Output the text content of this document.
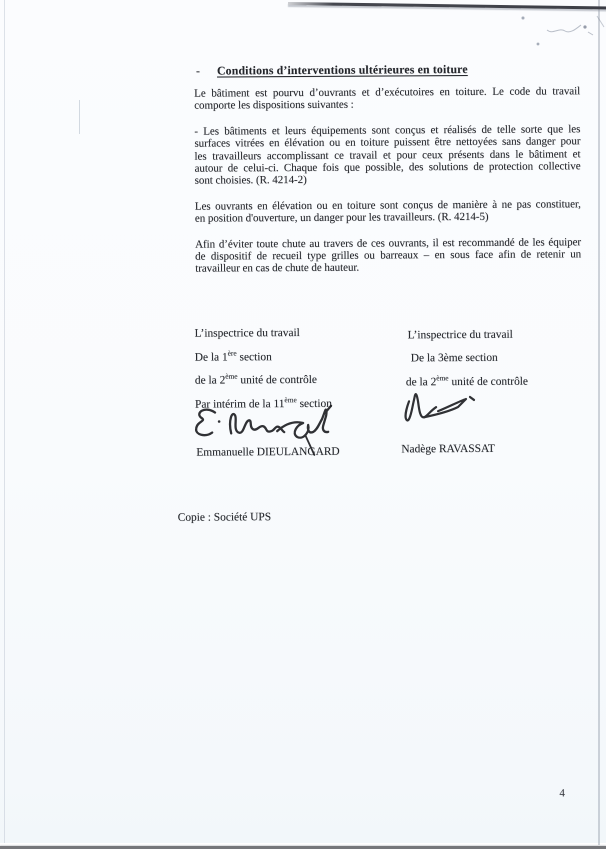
-	Conditions d’interventions ultérieures en toiture
Le bâtiment est pourvu d’ouvrants et d’exécutoires en toiture. Le code du travail
comporte les dispositions suivantes :
- Les bâtiments et leurs équipements sont conçus et réalisés de telle sorte que les
surfaces vitrées en élévation ou en toiture puissent être nettoyées sans danger pour
les travailleurs accomplissant ce travail et pour ceux présents dans le bâtiment et
autour de celui-ci. Chaque fois que possible, des solutions de protection collective
sont choisies. (R. 4214-2)
Les ouvrants en élévation ou en toiture sont conçus de manière à ne pas constituer,
en position d'ouverture, un danger pour les travailleurs. (R. 4214-5)
Afin d’éviter toute chute au travers de ces ouvrants, il est recommandé de les équiper
de dispositif de recueil type grilles ou barreaux – en sous face afin de retenir un
travailleur en cas de chute de hauteur.
L’inspectrice du travail
De la 1ère section
de la 2ème unité de contrôle
Par intérim de la 11ème section
Emmanuelle DIEULANGARD
L’inspectrice du travail
De la 3ème section
de la 2ème unité de contrôle
Nadège RAVASSAT
Copie : Société UPS
4
